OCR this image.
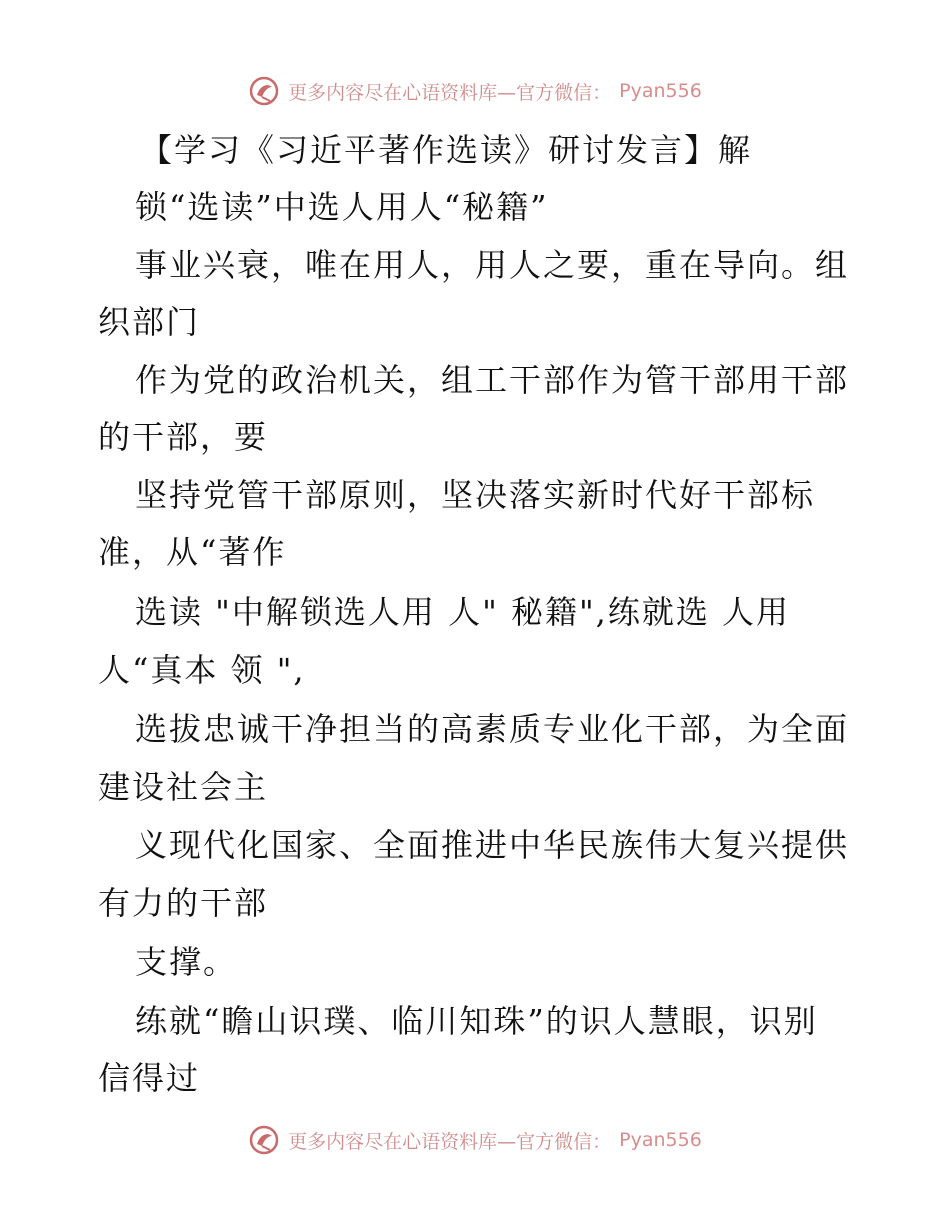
更多内容尽在心语资料库—官方微信： Pyan556
【学习《习近平著作选读》研讨发言】解
锁“选读”中选人用人“秘籍”
事业兴衰，唯在用人，用人之要，重在导向。组
织部门
作为党的政治机关，组工干部作为管干部用干部
的干部，要
坚持党管干部原则，坚决落实新时代好干部标
准，从“著作
选读 "中解锁选人用 人" 秘籍",练就选 人用
人“真本 领 ",
选拔忠诚干净担当的高素质专业化干部，为全面
建设社会主
义现代化国家、全面推进中华民族伟大复兴提供
有力的干部
支撑。
练就“瞻山识璞、临川知珠”的识人慧眼，识别
信得过
更多内容尽在心语资料库—官方微信： Pyan556
